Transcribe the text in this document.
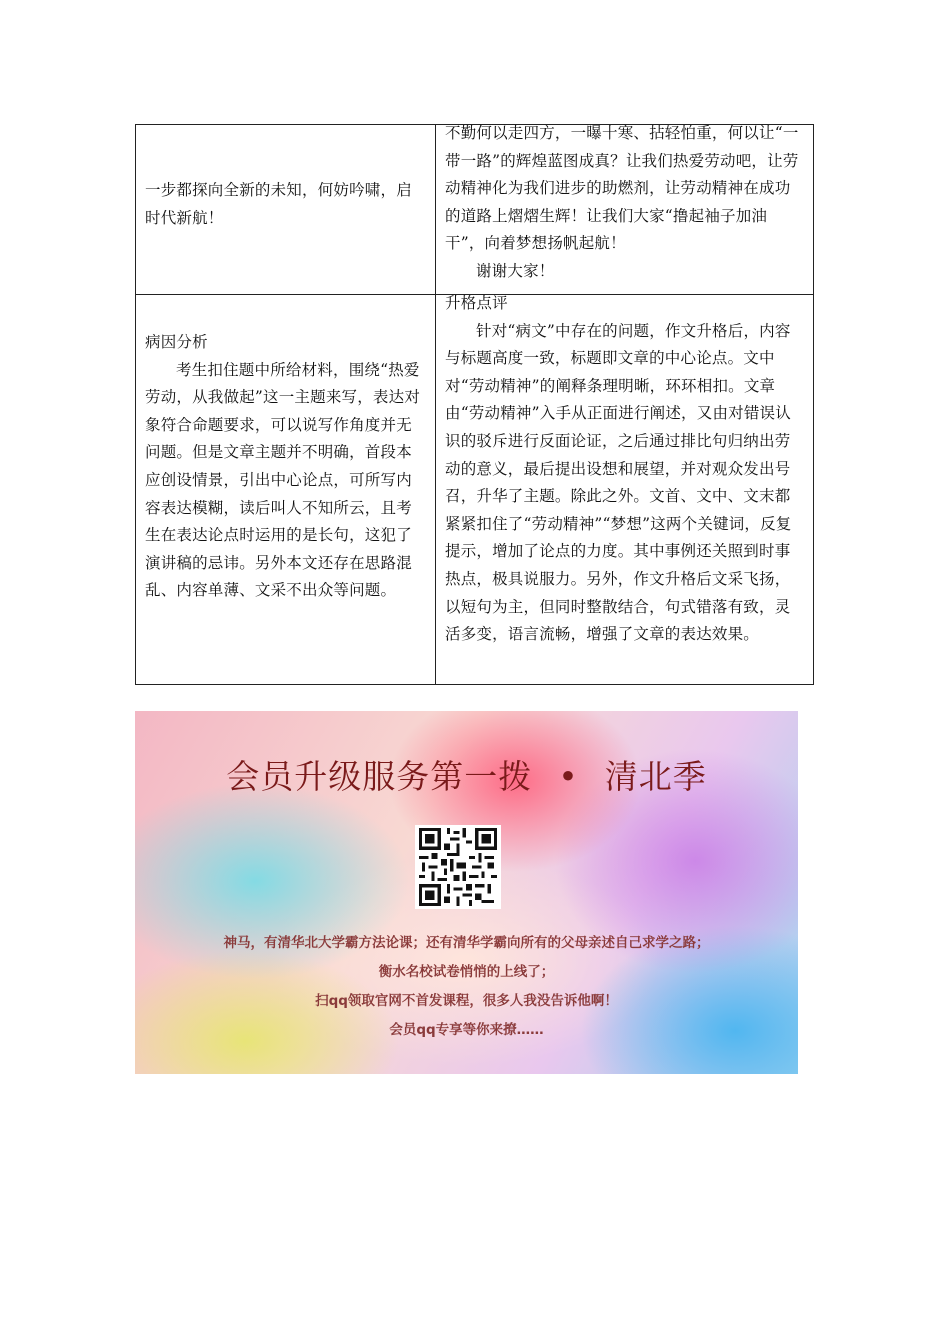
一步都探向全新的未知，何妨吟啸，启时代新航！

不勤何以走四方，一曝十寒、拈轻怕重，何以让“一带一路”的辉煌蓝图成真？让我们热爱劳动吧，让劳动精神化为我们进步的助燃剂，让劳动精神在成功的道路上熠熠生辉！让我们大家“撸起袖子加油干”，向着梦想扬帆起航！

谢谢大家！

病因分析

考生扣住题中所给材料，围绕“热爱劳动，从我做起”这一主题来写，表达对象符合命题要求，可以说写作角度并无问题。但是文章主题并不明确，首段本应创设情景，引出中心论点，可所写内容表达模糊，读后叫人不知所云，且考生在表达论点时运用的是长句，这犯了演讲稿的忌讳。另外本文还存在思路混乱、内容单薄、文采不出众等问题。

升格点评

针对“病文”中存在的问题，作文升格后，内容与标题高度一致，标题即文章的中心论点。文中对“劳动精神”的阐释条理明晰，环环相扣。文章由“劳动精神”入手从正面进行阐述，又由对错误认识的驳斥进行反面论证，之后通过排比句归纳出劳动的意义，最后提出设想和展望，并对观众发出号召，升华了主题。除此之外。文首、文中、文末都紧紧扣住了“劳动精神”“梦想”这两个关键词，反复提示，增加了论点的力度。其中事例还关照到时事热点，极具说服力。另外，作文升格后文采飞扬，以短句为主，但同时整散结合，句式错落有致，灵活多变，语言流畅，增强了文章的表达效果。

会员升级服务第一拨 • 清北季
神马，有清华北大学霸方法论课；还有清华学霸向所有的父母亲述自己求学之路；
衡水名校试卷悄悄的上线了；
扫qq领取官网不首发课程，很多人我没告诉他啊！
会员qq专享等你来撩……
